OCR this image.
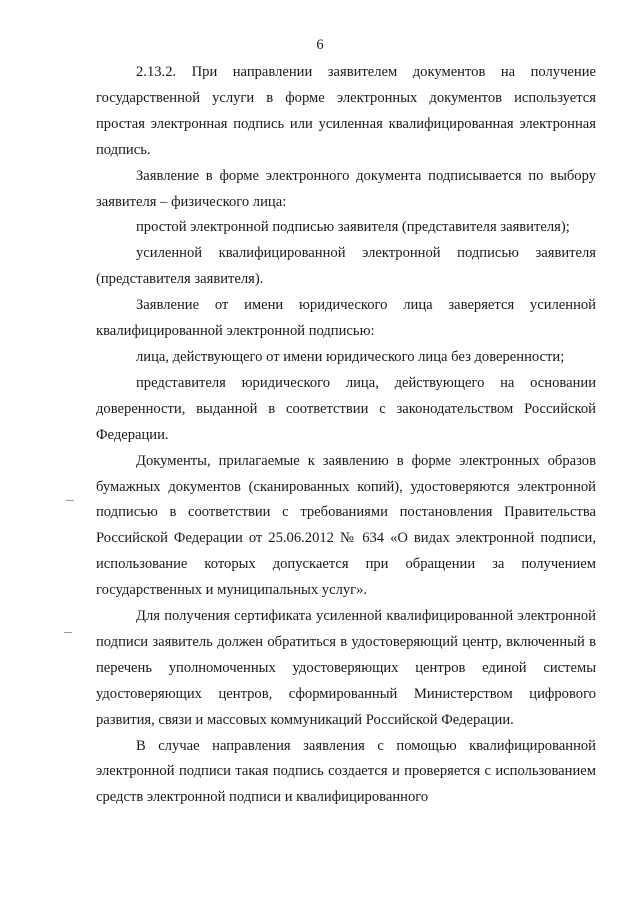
6

2.13.2. При направлении заявителем документов на получение государственной услуги в форме электронных документов используется простая электронная подпись или усиленная квалифицированная электронная подпись.

Заявление в форме электронного документа подписывается по выбору заявителя – физического лица:

простой электронной подписью заявителя (представителя заявителя);

усиленной квалифицированной электронной подписью заявителя (представителя заявителя).

Заявление от имени юридического лица заверяется усиленной квалифицированной электронной подписью:

лица, действующего от имени юридического лица без доверенности;

представителя юридического лица, действующего на основании доверенности, выданной в соответствии с законодательством Российской Федерации.

Документы, прилагаемые к заявлению в форме электронных образов бумажных документов (сканированных копий), удостоверяются электронной подписью в соответствии с требованиями постановления Правительства Российской Федерации от 25.06.2012 № 634 «О видах электронной подписи, использование которых допускается при обращении за получением государственных и муниципальных услуг».

Для получения сертификата усиленной квалифицированной электронной подписи заявитель должен обратиться в удостоверяющий центр, включенный в перечень уполномоченных удостоверяющих центров единой системы удостоверяющих центров, сформированный Министерством цифрового развития, связи и массовых коммуникаций Российской Федерации.

В случае направления заявления с помощью квалифицированной электронной подписи такая подпись создается и проверяется с использованием средств электронной подписи и квалифицированного
